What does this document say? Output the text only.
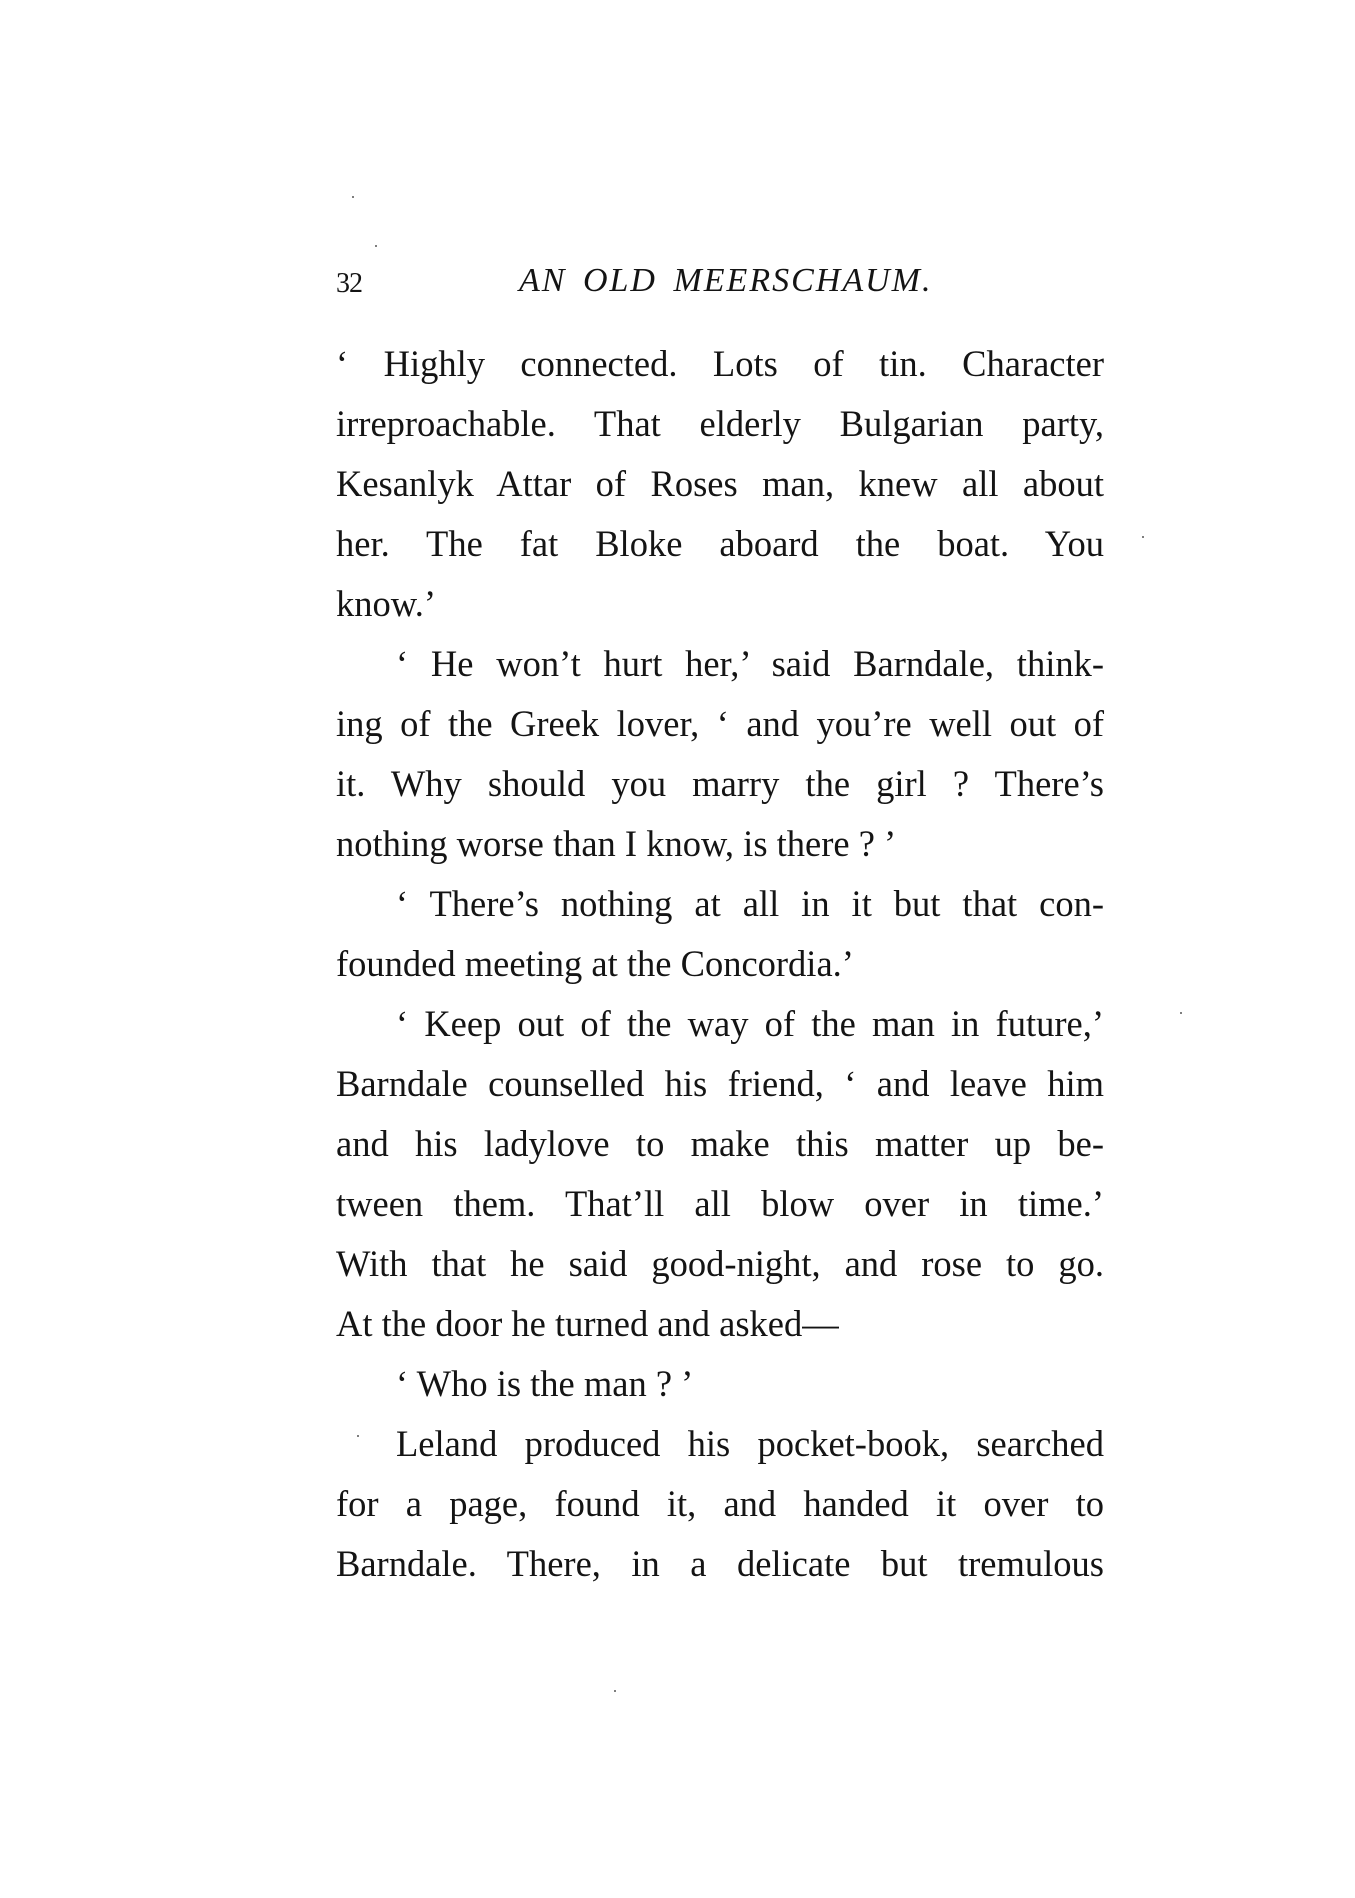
32	AN OLD MEERSCHAUM.
‘ Highly connected. Lots of tin. Character
irreproachable. That elderly Bulgarian party,
Kesanlyk Attar of Roses man, knew all about
her. The fat Bloke aboard the boat. You
know.’
‘ He won’t hurt her,’ said Barndale, think-
ing of the Greek lover, ‘ and you’re well out of
it. Why should you marry the girl ? There’s
nothing worse than I know, is there ? ’
‘ There’s nothing at all in it but that con-
founded meeting at the Concordia.’
‘ Keep out of the way of the man in future,’
Barndale counselled his friend, ‘ and leave him
and his ladylove to make this matter up be-
tween them. That’ll all blow over in time.’
With that he said good-night, and rose to go.
At the door he turned and asked—
‘ Who is the man ? ’
Leland produced his pocket-book, searched
for a page, found it, and handed it over to
Barndale. There, in a delicate but tremulous
